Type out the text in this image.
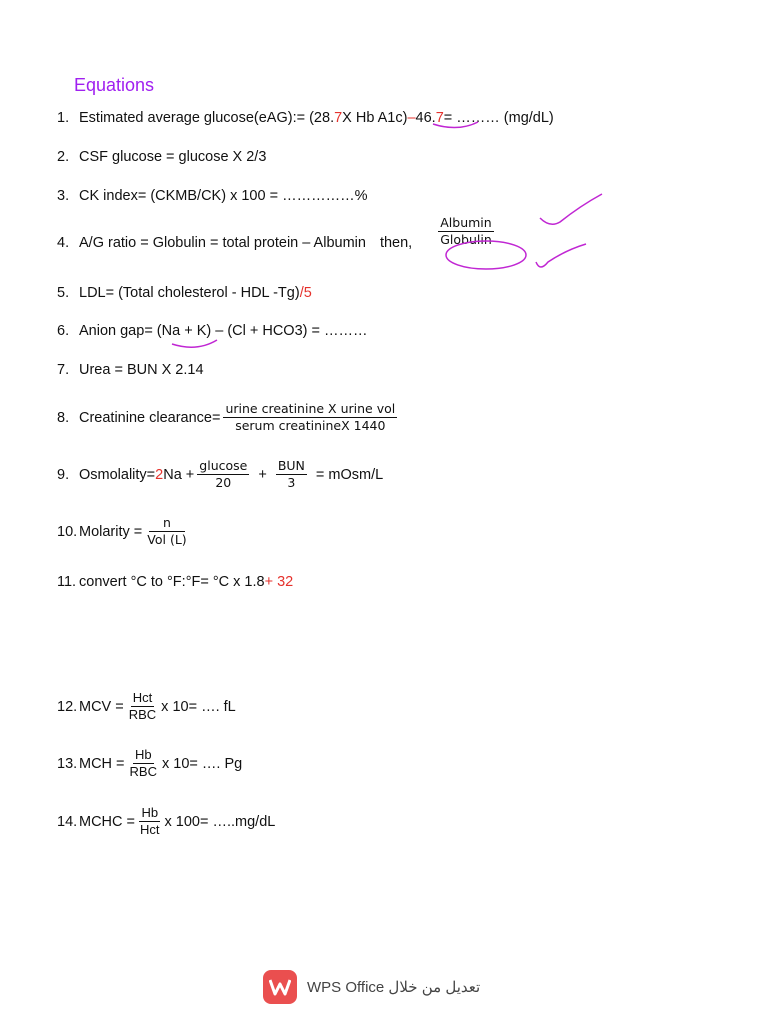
Equations
1. Estimated average glucose(eAG): = (28. 7 X Hb A1c) – 46. 7 = ……… (mg/dL)
2. CSF glucose = glucose X 2/3
3. CK index = (CKMB/CK) x 100 = ……………%
4. A/G ratio = Globulin = total protein – Albumin then, $\frac{\text{Albumin}}{\text{Globulin}}$
5. LDL = (Total cholesterol - HDL -Tg) /5
6. Anion gap = (Na + K) – (Cl + HCO3) = ………
7. Urea = BUN X 2.14
8. Creatinine clearance= $\frac{\text{urine creatinine X urine vol}}{\text{serum creatinineX 1440}}$
9. Osmolality= 2 $Na + \frac{\text{glucose}}{20} + \frac{\text{BUN}}{3}$ = mOsm/L
10. Molarity = $\frac{n}{\text{Vol (L)}}$
11. convert °C to °F: °F= °C x 1.8 + 32
12. MCV = $\frac{\text{Hct}}{\text{RBC}}$ x 10= …. fL
13. MCH = $\frac{Hb}{\text{RBC}}$ x 10= …. Pg
14. MCHC = $\frac{Hb}{\text{Hct}}$ x 100= …..mg/dL
WPS Office تعديل من خلال
